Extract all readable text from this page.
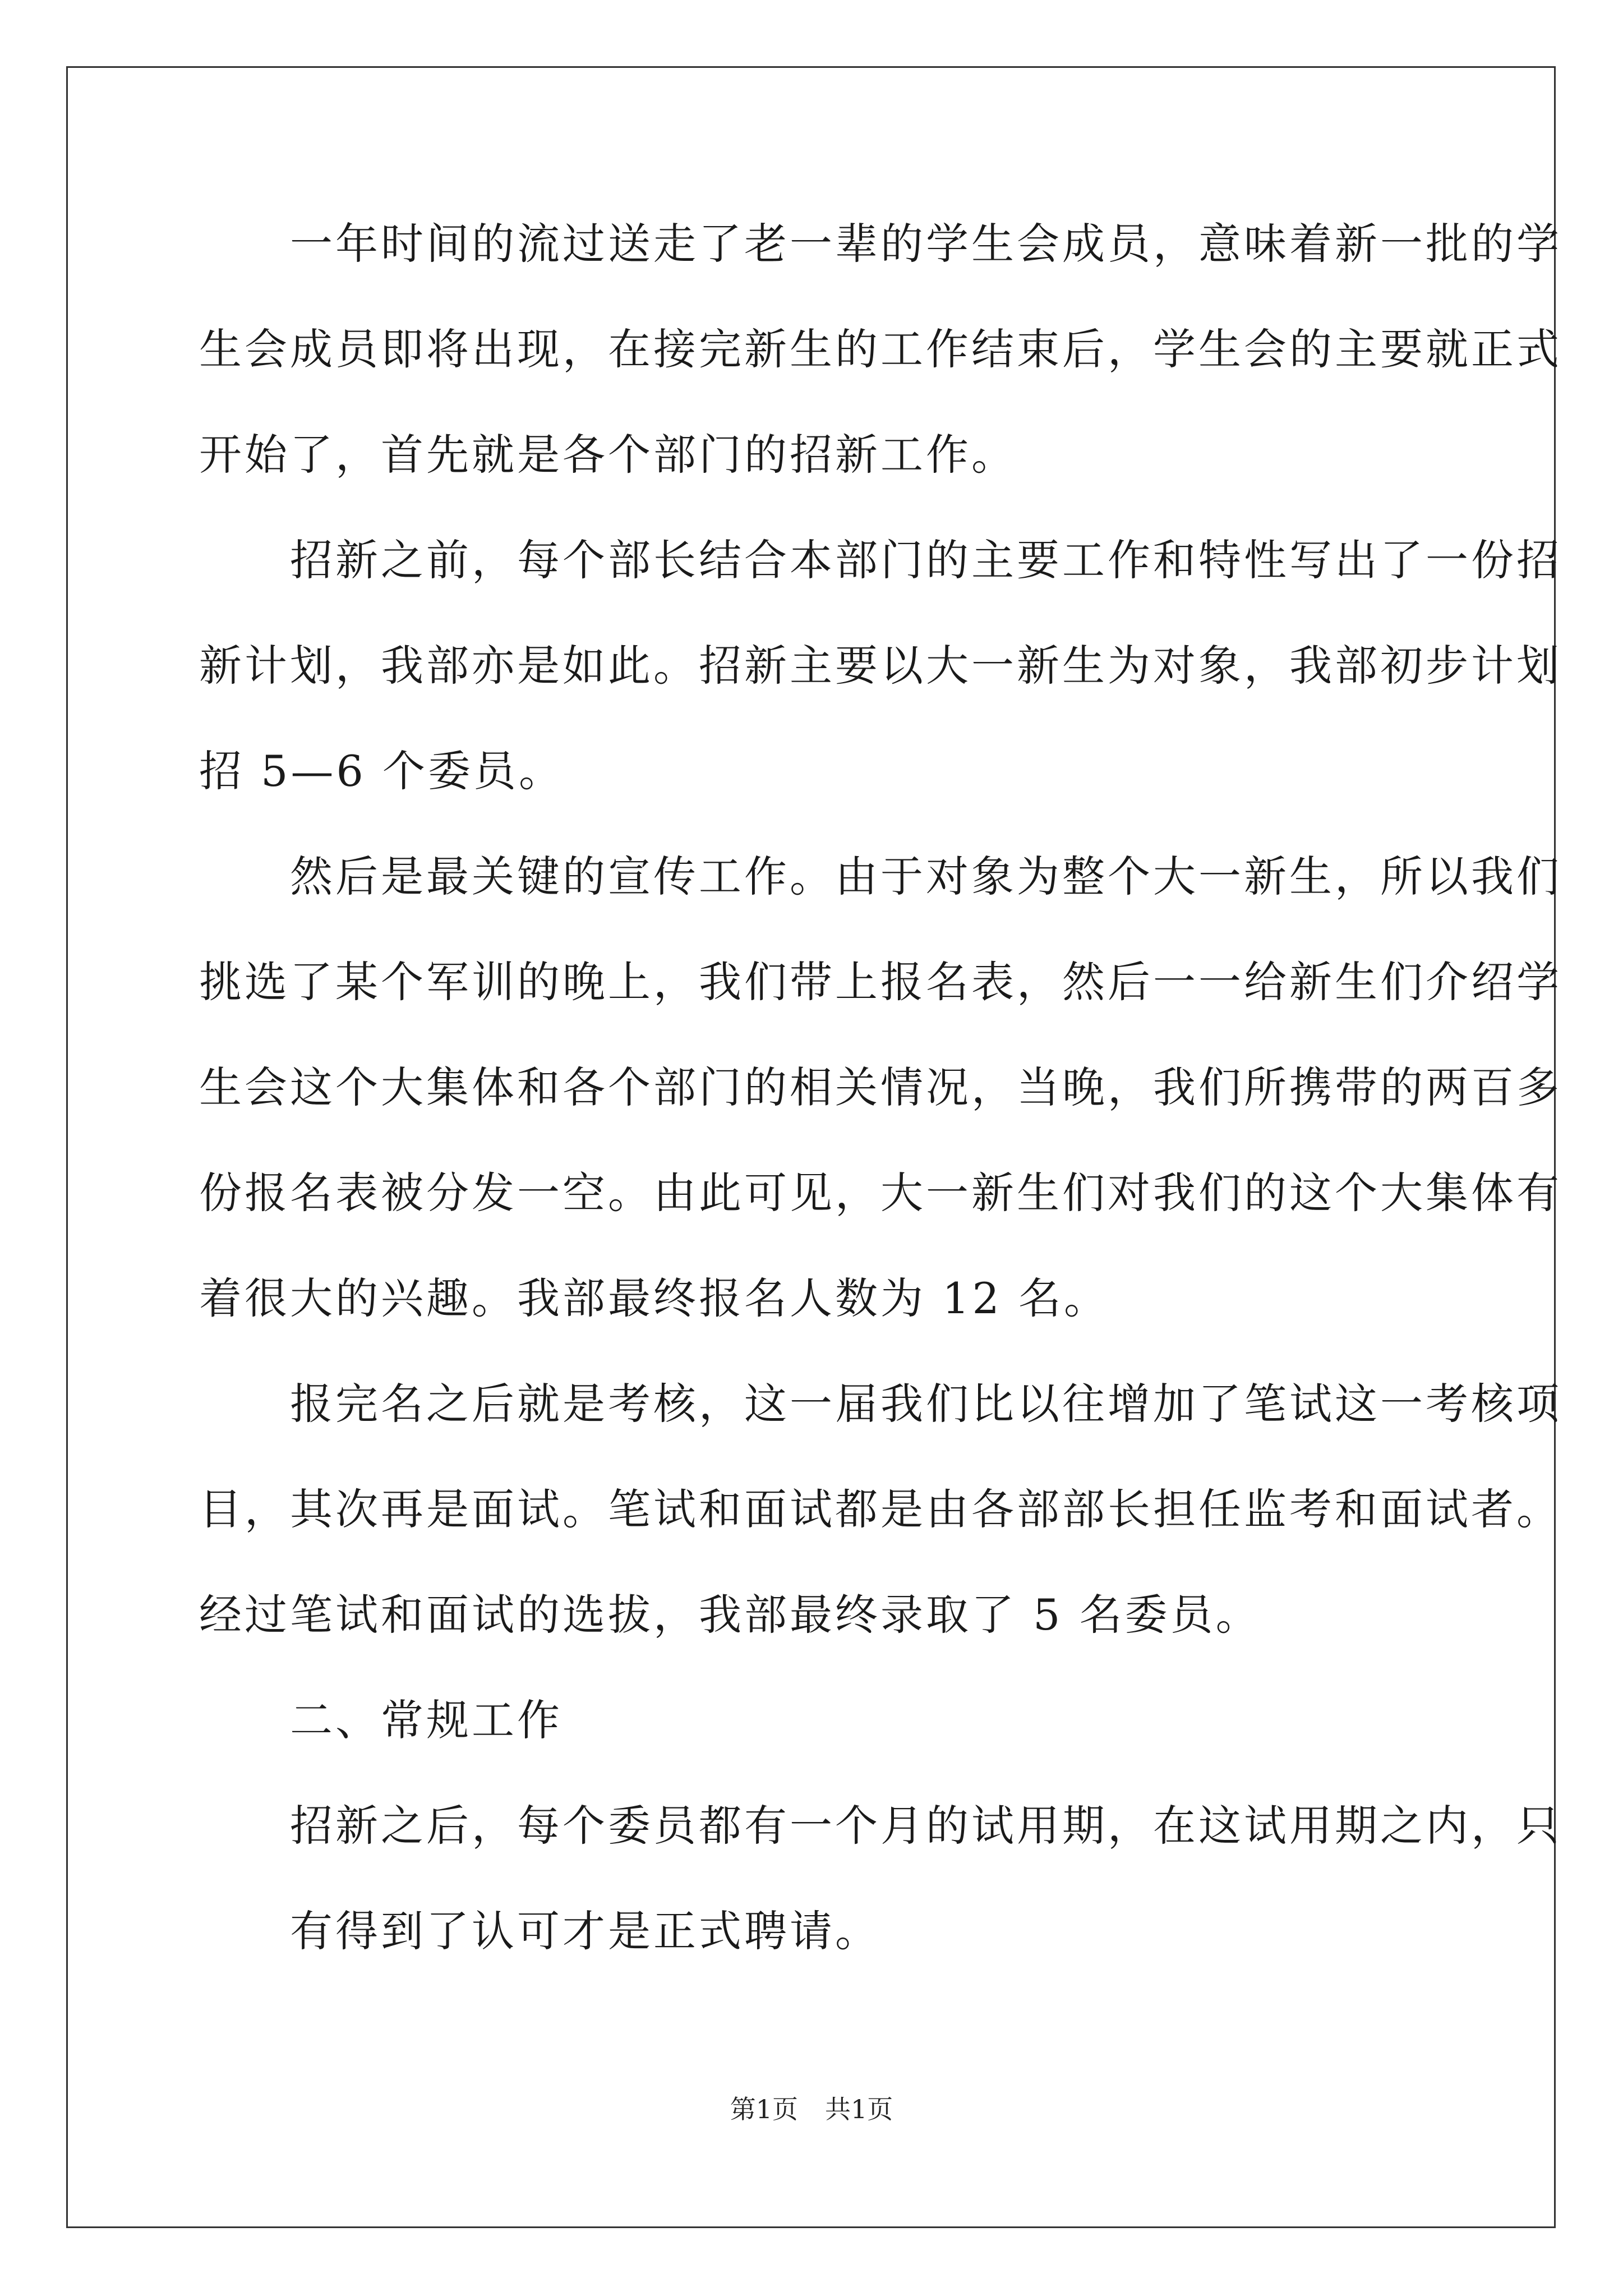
　　一年时间的流过送走了老一辈的学生会成员，意味着新一批的学
生会成员即将出现，在接完新生的工作结束后，学生会的主要就正式
开始了，首先就是各个部门的招新工作。
　　招新之前，每个部长结合本部门的主要工作和特性写出了一份招
新计划，我部亦是如此。招新主要以大一新生为对象，我部初步计划
招 5—6 个委员。
　　然后是最关键的宣传工作。由于对象为整个大一新生，所以我们
挑选了某个军训的晚上，我们带上报名表，然后一一给新生们介绍学
生会这个大集体和各个部门的相关情况，当晚，我们所携带的两百多
份报名表被分发一空。由此可见，大一新生们对我们的这个大集体有
着很大的兴趣。我部最终报名人数为 12 名。
　　报完名之后就是考核，这一届我们比以往增加了笔试这一考核项
目，其次再是面试。笔试和面试都是由各部部长担任监考和面试者。
经过笔试和面试的选拔，我部最终录取了 5 名委员。
　　二、常规工作
　　招新之后，每个委员都有一个月的试用期，在这试用期之内，只
　　有得到了认可才是正式聘请。
第1页 共1页
